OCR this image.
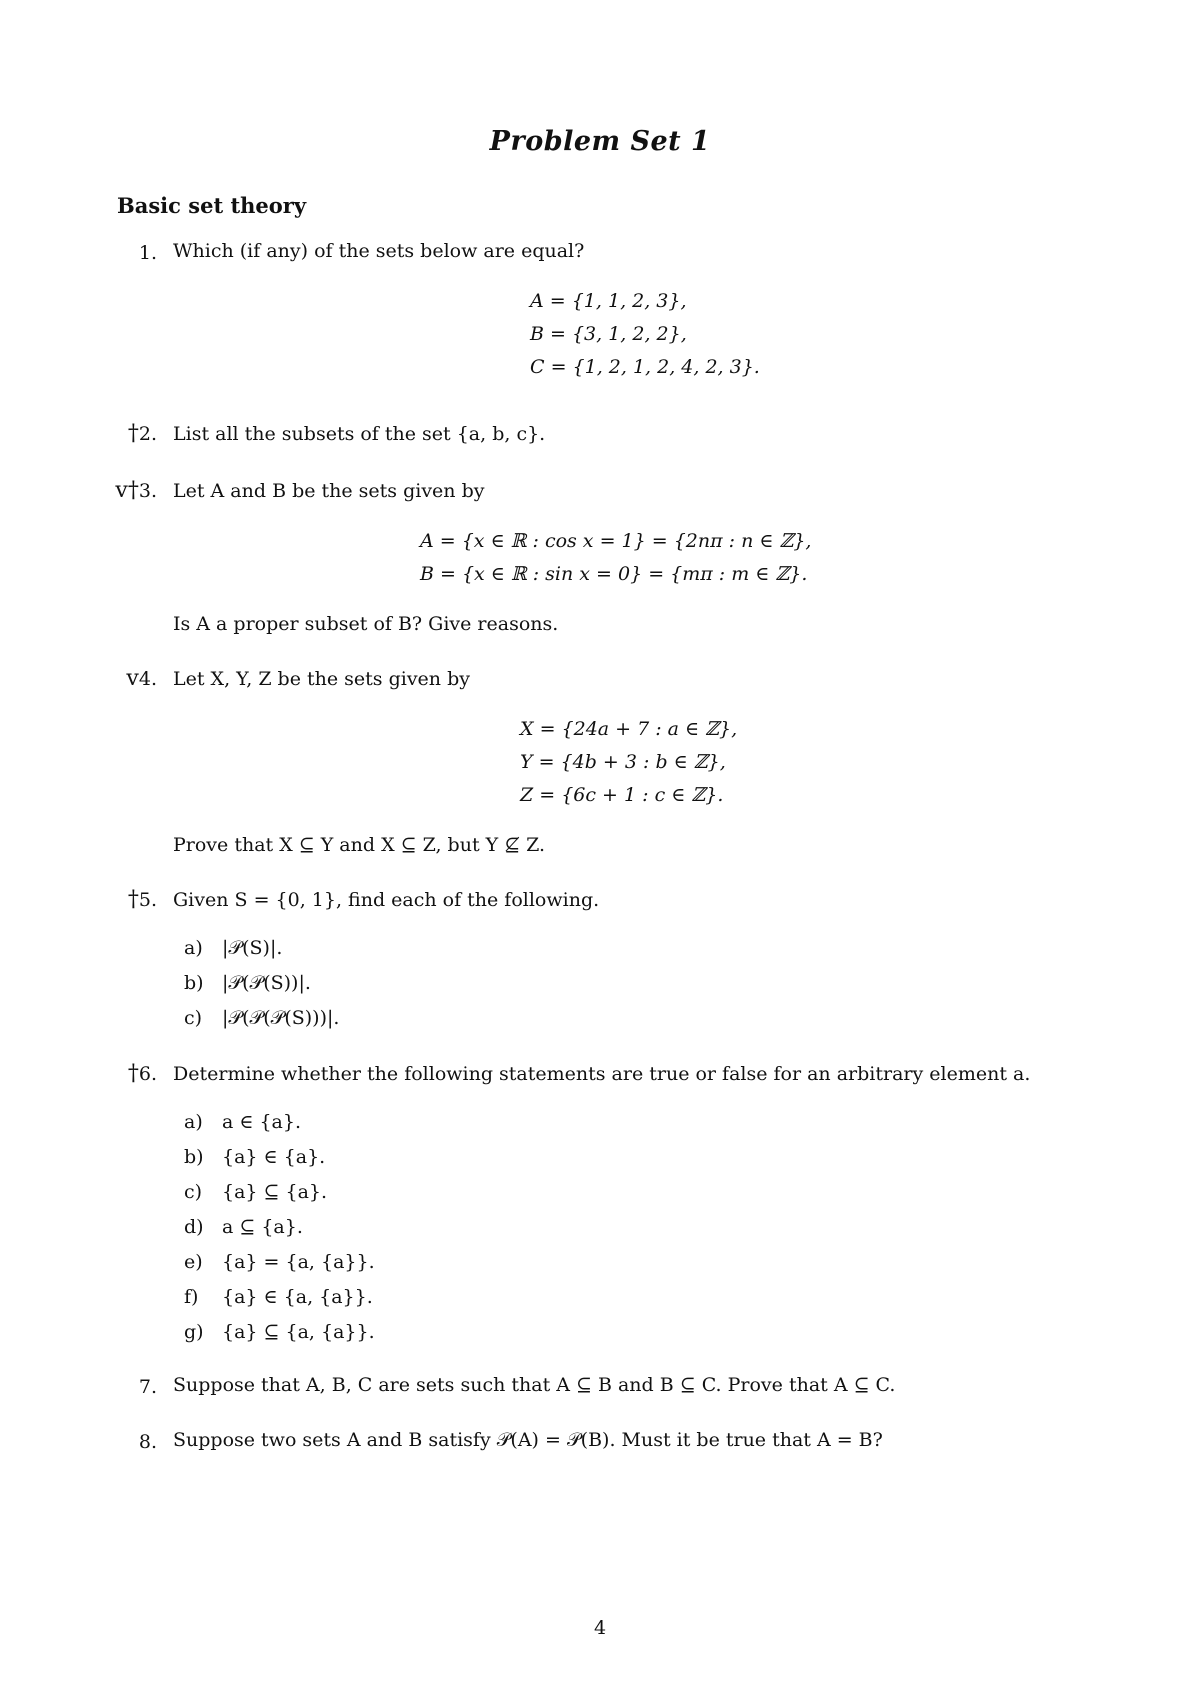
Problem Set 1
Basic set theory
1. Which (if any) of the sets below are equal?
A = {1, 1, 2, 3},
B = {3, 1, 2, 2},
C = {1, 2, 1, 2, 4, 2, 3}.
†2. List all the subsets of the set {a, b, c}.
v†3. Let A and B be the sets given by
A = {x ∈ ℝ : cos x = 1} = {2nπ : n ∈ ℤ},
B = {x ∈ ℝ : sin x = 0} = {mπ : m ∈ ℤ}.
Is A a proper subset of B? Give reasons.
v4. Let X, Y, Z be the sets given by
X = {24a + 7 : a ∈ ℤ},
Y = {4b + 3 : b ∈ ℤ},
Z = {6c + 1 : c ∈ ℤ}.
Prove that X ⊆ Y and X ⊆ Z, but Y ⊈ Z.
†5. Given S = {0, 1}, find each of the following.
a) |𝒫(S)|.
b) |𝒫(𝒫(S))|.
c) |𝒫(𝒫(𝒫(S)))|.
†6. Determine whether the following statements are true or false for an arbitrary element a.
a) a ∈ {a}.
b) {a} ∈ {a}.
c) {a} ⊆ {a}.
d) a ⊆ {a}.
e) {a} = {a, {a}}.
f) {a} ∈ {a, {a}}.
g) {a} ⊆ {a, {a}}.
7. Suppose that A, B, C are sets such that A ⊆ B and B ⊆ C. Prove that A ⊆ C.
8. Suppose two sets A and B satisfy 𝒫(A) = 𝒫(B). Must it be true that A = B?
4
